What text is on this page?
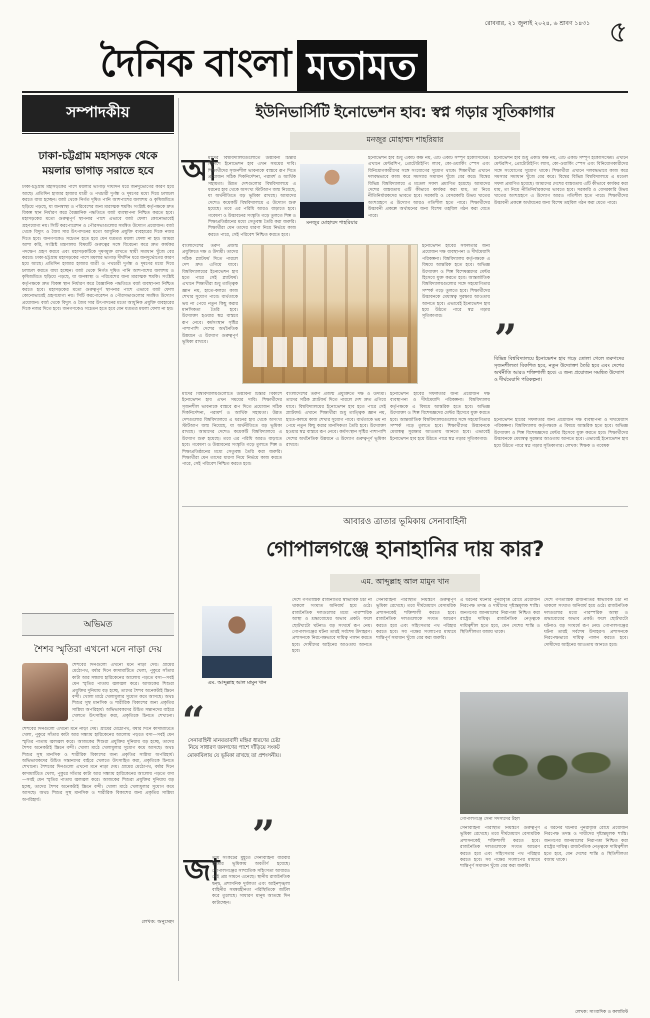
রোববার, ২১ জুলাই ২০২৪, ৬ শ্রাবণ ১৪৩১ ৫
দৈনিক বাংলা মতামত
সম্পাদকীয়
ঢাকা-চট্টগ্রাম মহাসড়ক থেকে ময়লার ভাগাড় সরাতে হবে
ঢাকা-চট্টগ্রাম মহাসড়কের পাশে ময়লার ভাগাড় দীর্ঘদিন ধরে জনদুর্ভোগের কারণ হয়ে আছে। প্রতিদিন হাজার হাজার যাত্রী ও পথচারী দুর্গন্ধ ও দূষণের মধ্যে দিয়ে চলাচল করতে বাধ্য হচ্ছেন। বর্জ্য থেকে নির্গত দূষিত পানি আশপাশের জলাশয় ও কৃষিজমিতে ছড়িয়ে পড়ছে, যা জনস্বাস্থ্য ও পরিবেশের জন্য মারাত্মক হুমকি। সংশ্লিষ্ট কর্তৃপক্ষকে দ্রুত বিকল্প স্থান নির্ধারণ করে বৈজ্ঞানিক পদ্ধতিতে বর্জ্য ব্যবস্থাপনা নিশ্চিত করতে হবে। মহাসড়কের মতো গুরুত্বপূর্ণ স্থাপনার পাশে এভাবে বর্জ্য ফেলা কোনোভাবেই গ্রহণযোগ্য নয়। সিটি করপোরেশন ও পৌরসভাগুলোর সমন্বিত উদ্যোগ প্রয়োজন। বর্জ্য থেকে বিদ্যুৎ ও জৈব সার উৎপাদনের মতো আধুনিক প্রযুক্তি ব্যবহারের দিকে নজর দিতে হবে। জনগণকেও সচেতন হতে হবে যেন যত্রতত্র ময়লা ফেলা না হয়। আমরা আশা করি, সংশ্লিষ্ট মন্ত্রণালয় বিষয়টি গুরুত্বের সঙ্গে বিবেচনা করে দ্রুত কার্যকর পদক্ষেপ গ্রহণ করবে এবং মহাসড়কটিকে দূষণমুক্ত রাখতে স্থায়ী সমাধান খুঁজে বের করবে। ঢাকা-চট্টগ্রাম মহাসড়কের পাশে ময়লার ভাগাড় দীর্ঘদিন ধরে জনদুর্ভোগের কারণ হয়ে আছে। প্রতিদিন হাজার হাজার যাত্রী ও পথচারী দুর্গন্ধ ও দূষণের মধ্যে দিয়ে চলাচল করতে বাধ্য হচ্ছেন। বর্জ্য থেকে নির্গত দূষিত পানি আশপাশের জলাশয় ও কৃষিজমিতে ছড়িয়ে পড়ছে, যা জনস্বাস্থ্য ও পরিবেশের জন্য মারাত্মক হুমকি। সংশ্লিষ্ট কর্তৃপক্ষকে দ্রুত বিকল্প স্থান নির্ধারণ করে বৈজ্ঞানিক পদ্ধতিতে বর্জ্য ব্যবস্থাপনা নিশ্চিত করতে হবে। মহাসড়কের মতো গুরুত্বপূর্ণ স্থাপনার পাশে এভাবে বর্জ্য ফেলা কোনোভাবেই গ্রহণযোগ্য নয়। সিটি করপোরেশন ও পৌরসভাগুলোর সমন্বিত উদ্যোগ প্রয়োজন। বর্জ্য থেকে বিদ্যুৎ ও জৈব সার উৎপাদনের মতো আধুনিক প্রযুক্তি ব্যবহারের দিকে নজর দিতে হবে। জনগণকেও সচেতন হতে হবে যেন যত্রতত্র ময়লা ফেলা না হয়।
অভিমত
শৈশব স্মৃতিরা এখনো মনে নাড়া দেয়
শৈশবের দিনগুলো এখনো মনে নাড়া দেয়। গ্রামের মেঠোপথ, বর্ষার দিনে কাদামাটিতে খেলা, পুকুরে সাঁতার কাটা আর সন্ধ্যায় হারিকেনের আলোয় পড়তে বসা—সবই যেন স্মৃতির পাতায় জ্বলজ্বল করে। আজকের শিশুরা প্রযুক্তির দুনিয়ায় বড় হচ্ছে, তাদের শৈশব অনেকটাই স্ক্রিনে বন্দী। খোলা মাঠে খেলাধুলার সুযোগ কমে আসছে। অথচ শিশুর সুস্থ মানসিক ও শারীরিক বিকাশের জন্য প্রকৃতির সান্নিধ্য অপরিহার্য। অভিভাবকদের উচিত সন্তানদের বাইরে খেলতে উৎসাহিত করা, প্রকৃতিকে চিনতে শেখানো।
শৈশবের দিনগুলো এখনো মনে নাড়া দেয়। গ্রামের মেঠোপথ, বর্ষার দিনে কাদামাটিতে খেলা, পুকুরে সাঁতার কাটা আর সন্ধ্যায় হারিকেনের আলোয় পড়তে বসা—সবই যেন স্মৃতির পাতায় জ্বলজ্বল করে। আজকের শিশুরা প্রযুক্তির দুনিয়ায় বড় হচ্ছে, তাদের শৈশব অনেকটাই স্ক্রিনে বন্দী। খোলা মাঠে খেলাধুলার সুযোগ কমে আসছে। অথচ শিশুর সুস্থ মানসিক ও শারীরিক বিকাশের জন্য প্রকৃতির সান্নিধ্য অপরিহার্য। অভিভাবকদের উচিত সন্তানদের বাইরে খেলতে উৎসাহিত করা, প্রকৃতিকে চিনতে শেখানো। শৈশবের দিনগুলো এখনো মনে নাড়া দেয়। গ্রামের মেঠোপথ, বর্ষার দিনে কাদামাটিতে খেলা, পুকুরে সাঁতার কাটা আর সন্ধ্যায় হারিকেনের আলোয় পড়তে বসা—সবই যেন স্মৃতির পাতায় জ্বলজ্বল করে। আজকের শিশুরা প্রযুক্তির দুনিয়ায় বড় হচ্ছে, তাদের শৈশব অনেকটাই স্ক্রিনে বন্দী। খোলা মাঠে খেলাধুলার সুযোগ কমে আসছে। অথচ শিশুর সুস্থ মানসিক ও শারীরিক বিকাশের জন্য প্রকৃতির সান্নিধ্য অপরিহার্য।
লেখক: অনুচ্ছেদ
ইউনিভার্সিটি ইনোভেশন হাব: স্বপ্ন গড়ার সূতিকাগার
মনজুর মোহাম্মদ শাহরিয়ার
আ
মাদের বিশ্ববিদ্যালয়গুলোতে উদ্ভাবনী চিন্তার বিকাশে ইনোভেশন হাব এখন সময়ের দাবি। শিক্ষার্থীদের সৃজনশীল ভাবনাকে বাস্তবে রূপ দিতে প্রয়োজন সঠিক দিকনির্দেশনা, পরামর্শ ও আর্থিক সহায়তা। উন্নত দেশগুলোর বিশ্ববিদ্যালয়ে এ ধরনের হাব থেকে অসংখ্য স্টার্টআপ জন্ম নিয়েছে, যা অর্থনীতিতে বড় ভূমিকা রাখছে। আমাদের দেশেও কয়েকটি বিশ্ববিদ্যালয়ে এ উদ্যোগ শুরু হয়েছে। তবে এর পরিধি আরও বাড়াতে হবে। গবেষণা ও উদ্ভাবনের সংস্কৃতি গড়ে তুলতে শিল্প ও শিক্ষাপ্রতিষ্ঠানের মধ্যে সেতুবন্ধ তৈরি করা জরুরি। শিক্ষার্থীরা যেন তাদের ধারণা নিয়ে নির্ভয়ে কাজ করতে পারে, সেই পরিবেশ নিশ্চিত করতে হবে।
মনজুর মোহাম্মদ শাহরিয়ার
ইনোভেশন হাব শুধু একটি কক্ষ নয়, এটি একটি সম্পূর্ণ ইকোসিস্টেম। এখানে মেন্টরশিপ, প্রোটোটাইপিং ল্যাব, কো-ওয়ার্কিং স্পেস এবং বিনিয়োগকারীদের সঙ্গে সংযোগের সুযোগ থাকে। শিক্ষার্থীরা এখানে দলবদ্ধভাবে কাজ করে সমস্যার সমাধান খুঁজে বের করে। বিশ্বের বিভিন্ন বিশ্ববিদ্যালয়ে এ মডেল সফল প্রমাণিত হয়েছে। আমাদের দেশের বাস্তবতায় এটি কীভাবে কার্যকর করা যায়, তা নিয়ে নীতিনির্ধারকদের ভাবতে হবে। সরকারি ও বেসরকারি উভয় খাতের অংশগ্রহণে এ উদ্যোগ আরও গতিশীল হতে পারে। শিক্ষার্থীদের উদ্ভাবনী প্রকল্পে অর্থায়নের জন্য বিশেষ তহবিল গঠন করা যেতে পারে।
বাংলাদেশের তরুণ প্রজন্ম প্রযুক্তিতে দক্ষ ও উদ্যমী। তাদের সঠিক প্ল্যাটফর্ম দিতে পারলে দেশ দ্রুত এগিয়ে যাবে। বিশ্ববিদ্যালয়ের ইনোভেশন হাব হতে পারে সেই প্ল্যাটফর্ম। এখানে শিক্ষার্থীরা শুধু তাত্ত্বিক জ্ঞান নয়, হাতে-কলমে কাজ শেখার সুযোগ পাবে। ব্যর্থতাকে ভয় না পেয়ে নতুন কিছু করার মানসিকতা তৈরি হবে। উদ্যোক্তা হওয়ার স্বপ্ন বাস্তবে রূপ নেবে। কর্মসংস্থান সৃষ্টির পাশাপাশি দেশের অর্থনৈতিক উন্নয়নে এ উদ্যোগ গুরুত্বপূর্ণ ভূমিকা রাখবে।
ইনোভেশন হাবের সফলতার জন্য প্রয়োজন দক্ষ ব্যবস্থাপনা ও দীর্ঘমেয়াদি পরিকল্পনা। বিশ্ববিদ্যালয় কর্তৃপক্ষকে এ বিষয়ে আন্তরিক হতে হবে। অভিজ্ঞ উদ্যোক্তা ও শিল্প বিশেষজ্ঞদের মেন্টর হিসেবে যুক্ত করতে হবে। আন্তর্জাতিক বিশ্ববিদ্যালয়গুলোর সঙ্গে সহযোগিতার সম্পর্ক গড়ে তুলতে হবে। শিক্ষার্থীদের উদ্ভাবনকে মেধাস্বত্ব সুরক্ষার আওতায় আনতে হবে। এভাবেই ইনোভেশন হাব হয়ে উঠতে পারে স্বপ্ন গড়ার সূতিকাগার।
ইনোভেশন হাব শুধু একটি কক্ষ নয়, এটি একটি সম্পূর্ণ ইকোসিস্টেম। এখানে মেন্টরশিপ, প্রোটোটাইপিং ল্যাব, কো-ওয়ার্কিং স্পেস এবং বিনিয়োগকারীদের সঙ্গে সংযোগের সুযোগ থাকে। শিক্ষার্থীরা এখানে দলবদ্ধভাবে কাজ করে সমস্যার সমাধান খুঁজে বের করে। বিশ্বের বিভিন্ন বিশ্ববিদ্যালয়ে এ মডেল সফল প্রমাণিত হয়েছে। আমাদের দেশের বাস্তবতায় এটি কীভাবে কার্যকর করা যায়, তা নিয়ে নীতিনির্ধারকদের ভাবতে হবে। সরকারি ও বেসরকারি উভয় খাতের অংশগ্রহণে এ উদ্যোগ আরও গতিশীল হতে পারে। শিক্ষার্থীদের উদ্ভাবনী প্রকল্পে অর্থায়নের জন্য বিশেষ তহবিল গঠন করা যেতে পারে।
”
বিভিন্ন বিশ্ববিদ্যালয়ে ইনোভেশন হাব গড়ে তোলা গেলে তরুণদের সৃজনশীলতা বিকশিত হবে, নতুন উদ্যোক্তা তৈরি হবে এবং দেশের অর্থনীতি আরও শক্তিশালী হবে। এ জন্য প্রয়োজন সমন্বিত উদ্যোগ ও দীর্ঘমেয়াদি পরিকল্পনা।
মাদের বিশ্ববিদ্যালয়গুলোতে উদ্ভাবনী চিন্তার বিকাশে ইনোভেশন হাব এখন সময়ের দাবি। শিক্ষার্থীদের সৃজনশীল ভাবনাকে বাস্তবে রূপ দিতে প্রয়োজন সঠিক দিকনির্দেশনা, পরামর্শ ও আর্থিক সহায়তা। উন্নত দেশগুলোর বিশ্ববিদ্যালয়ে এ ধরনের হাব থেকে অসংখ্য স্টার্টআপ জন্ম নিয়েছে, যা অর্থনীতিতে বড় ভূমিকা রাখছে। আমাদের দেশেও কয়েকটি বিশ্ববিদ্যালয়ে এ উদ্যোগ শুরু হয়েছে। তবে এর পরিধি আরও বাড়াতে হবে। গবেষণা ও উদ্ভাবনের সংস্কৃতি গড়ে তুলতে শিল্প ও শিক্ষাপ্রতিষ্ঠানের মধ্যে সেতুবন্ধ তৈরি করা জরুরি। শিক্ষার্থীরা যেন তাদের ধারণা নিয়ে নির্ভয়ে কাজ করতে পারে, সেই পরিবেশ নিশ্চিত করতে হবে।
বাংলাদেশের তরুণ প্রজন্ম প্রযুক্তিতে দক্ষ ও উদ্যমী। তাদের সঠিক প্ল্যাটফর্ম দিতে পারলে দেশ দ্রুত এগিয়ে যাবে। বিশ্ববিদ্যালয়ের ইনোভেশন হাব হতে পারে সেই প্ল্যাটফর্ম। এখানে শিক্ষার্থীরা শুধু তাত্ত্বিক জ্ঞান নয়, হাতে-কলমে কাজ শেখার সুযোগ পাবে। ব্যর্থতাকে ভয় না পেয়ে নতুন কিছু করার মানসিকতা তৈরি হবে। উদ্যোক্তা হওয়ার স্বপ্ন বাস্তবে রূপ নেবে। কর্মসংস্থান সৃষ্টির পাশাপাশি দেশের অর্থনৈতিক উন্নয়নে এ উদ্যোগ গুরুত্বপূর্ণ ভূমিকা রাখবে।
ইনোভেশন হাবের সফলতার জন্য প্রয়োজন দক্ষ ব্যবস্থাপনা ও দীর্ঘমেয়াদি পরিকল্পনা। বিশ্ববিদ্যালয় কর্তৃপক্ষকে এ বিষয়ে আন্তরিক হতে হবে। অভিজ্ঞ উদ্যোক্তা ও শিল্প বিশেষজ্ঞদের মেন্টর হিসেবে যুক্ত করতে হবে। আন্তর্জাতিক বিশ্ববিদ্যালয়গুলোর সঙ্গে সহযোগিতার সম্পর্ক গড়ে তুলতে হবে। শিক্ষার্থীদের উদ্ভাবনকে মেধাস্বত্ব সুরক্ষার আওতায় আনতে হবে। এভাবেই ইনোভেশন হাব হয়ে উঠতে পারে স্বপ্ন গড়ার সূতিকাগার।
ইনোভেশন হাবের সফলতার জন্য প্রয়োজন দক্ষ ব্যবস্থাপনা ও দীর্ঘমেয়াদি পরিকল্পনা। বিশ্ববিদ্যালয় কর্তৃপক্ষকে এ বিষয়ে আন্তরিক হতে হবে। অভিজ্ঞ উদ্যোক্তা ও শিল্প বিশেষজ্ঞদের মেন্টর হিসেবে যুক্ত করতে হবে। শিক্ষার্থীদের উদ্ভাবনকে মেধাস্বত্ব সুরক্ষার আওতায় আনতে হবে। এভাবেই ইনোভেশন হাব হয়ে উঠতে পারে স্বপ্ন গড়ার সূতিকাগার। লেখক: শিক্ষক ও গবেষক
আবারও ত্রাতার ভূমিকায় সেনাবাহিনী
গোপালগঞ্জে হানাহানির দায় কার?
এম. আব্দুল্লাহ আল মামুন খান
এম. আব্দুল্লাহ আল মামুন খান
“
সেনাবাহিনী মানবতাবাদী মহিমা ধারণের চেষ্টা নিয়ে সাধারণ জনগণের পাশে দাঁড়িয়ে সংকট মোকাবিলায় যে ভূমিকা রাখছে তা প্রশংসনীয়।
”
জা
তীয় সংকটের মুহূর্তে সেনাবাহিনী বারবার ত্রাতার ভূমিকায় অবতীর্ণ হয়েছে। গোপালগঞ্জের সাম্প্রতিক সহিংসতা আবারও সেই প্রশ্ন সামনে এনেছে। স্থানীয় রাজনৈতিক দ্বন্দ্ব, প্রশাসনিক দুর্বলতা এবং আইনশৃঙ্খলা বাহিনীর সমন্বয়হীনতা পরিস্থিতিকে জটিল করে তুলেছে। সাধারণ মানুষ আতঙ্কে দিন কাটাচ্ছেন।
দেশে গণতান্ত্রিক রাজনীতির স্বাভাবিক চর্চা না থাকলে সংঘাত অনিবার্য হয়ে ওঠে। রাজনৈতিক দলগুলোর মধ্যে পারস্পরিক আস্থা ও শ্রদ্ধাবোধের অভাব প্রকট। ফলে ছোটখাটো ঘটনাও বড় সংঘর্ষে রূপ নেয়। গোপালগঞ্জের ঘটনা তারই সর্বশেষ উদাহরণ। প্রশাসনকে নিরপেক্ষভাবে দায়িত্ব পালন করতে হবে। দোষীদের আইনের আওতায় আনতে হবে।
সেনাবাহিনী পরিস্থিতি নিয়ন্ত্রণে গুরুত্বপূর্ণ ভূমিকা রেখেছে। তবে দীর্ঘমেয়াদে বেসামরিক প্রশাসনকেই শক্তিশালী করতে হবে। রাজনৈতিক দলগুলোকে সংযত আচরণ করতে হবে এবং সহিংসতার পথ পরিহার করতে হবে। সব পক্ষের সংলাপের মাধ্যমে শান্তিপূর্ণ সমাধান খুঁজে বের করা জরুরি।
এ ধরনের ঘটনার পুনরাবৃত্তি রোধে প্রয়োজন নিরপেক্ষ তদন্ত ও দায়ীদের দৃষ্টান্তমূলক শাস্তি। জনগণের জানমালের নিরাপত্তা নিশ্চিত করা রাষ্ট্রের দায়িত্ব। রাজনৈতিক নেতৃত্বকে দায়িত্বশীল হতে হবে, যেন দেশের শান্তি ও স্থিতিশীলতা বজায় থাকে।
দেশে গণতান্ত্রিক রাজনীতির স্বাভাবিক চর্চা না থাকলে সংঘাত অনিবার্য হয়ে ওঠে। রাজনৈতিক দলগুলোর মধ্যে পারস্পরিক আস্থা ও শ্রদ্ধাবোধের অভাব প্রকট। ফলে ছোটখাটো ঘটনাও বড় সংঘর্ষে রূপ নেয়। গোপালগঞ্জের ঘটনা তারই সর্বশেষ উদাহরণ। প্রশাসনকে নিরপেক্ষভাবে দায়িত্ব পালন করতে হবে। দোষীদের আইনের আওতায় আনতে হবে।
গোপালগঞ্জে সেনা সদস্যদের টহল
সেনাবাহিনী পরিস্থিতি নিয়ন্ত্রণে গুরুত্বপূর্ণ ভূমিকা রেখেছে। তবে দীর্ঘমেয়াদে বেসামরিক প্রশাসনকেই শক্তিশালী করতে হবে। রাজনৈতিক দলগুলোকে সংযত আচরণ করতে হবে এবং সহিংসতার পথ পরিহার করতে হবে। সব পক্ষের সংলাপের মাধ্যমে শান্তিপূর্ণ সমাধান খুঁজে বের করা জরুরি।
এ ধরনের ঘটনার পুনরাবৃত্তি রোধে প্রয়োজন নিরপেক্ষ তদন্ত ও দায়ীদের দৃষ্টান্তমূলক শাস্তি। জনগণের জানমালের নিরাপত্তা নিশ্চিত করা রাষ্ট্রের দায়িত্ব। রাজনৈতিক নেতৃত্বকে দায়িত্বশীল হতে হবে, যেন দেশের শান্তি ও স্থিতিশীলতা বজায় থাকে।
লেখক: সাংবাদিক ও কলামিস্ট
